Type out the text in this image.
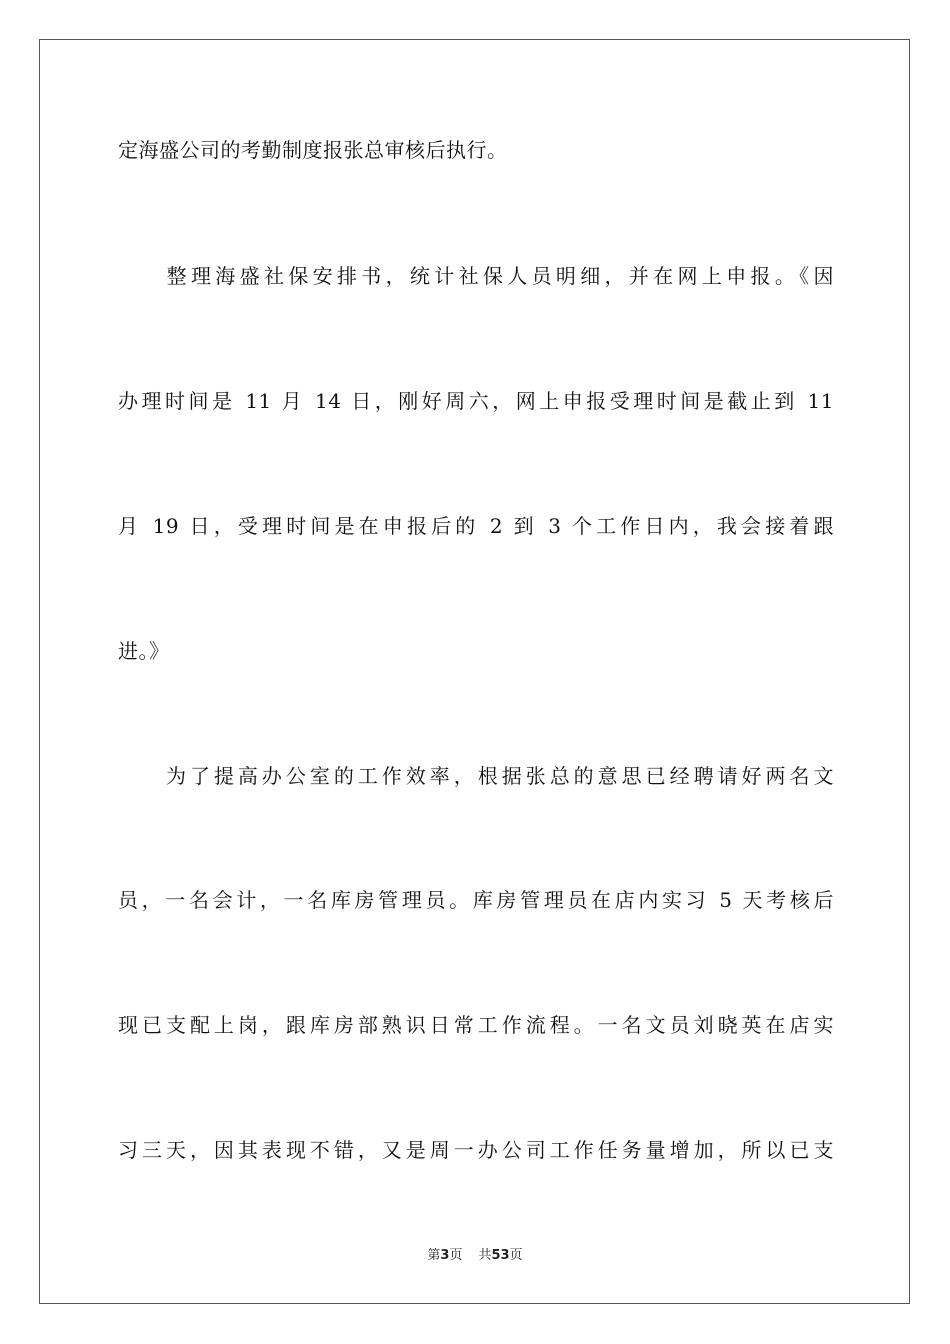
定海盛公司的考勤制度报张总审核后执行。
　　整理海盛社保安排书，统计社保人员明细，并在网上申报。《因
办理时间是 11 月 14 日，刚好周六，网上申报受理时间是截止到 11
月 19 日，受理时间是在申报后的 2 到 3 个工作日内，我会接着跟
进。》
　　为了提高办公室的工作效率，根据张总的意思已经聘请好两名文
员，一名会计，一名库房管理员。库房管理员在店内实习 5 天考核后
现已支配上岗，跟库房部熟识日常工作流程。一名文员刘晓英在店实
习三天，因其表现不错，又是周一办公司工作任务量增加，所以已支
第3页 共53页
